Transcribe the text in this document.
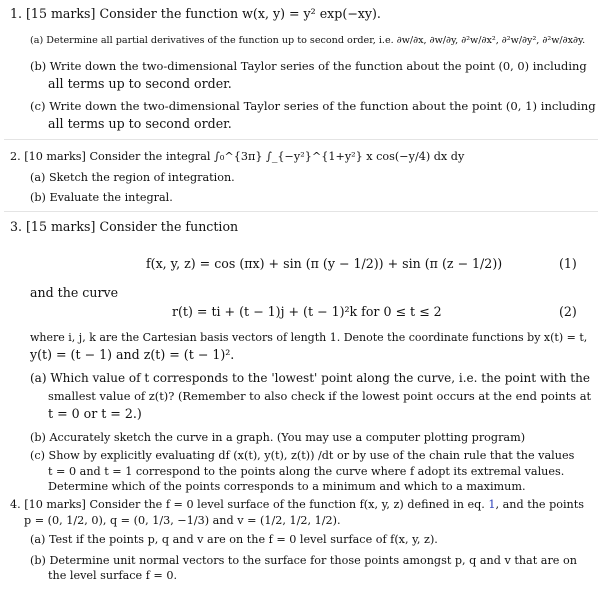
1. [15 marks] Consider the function w(x, y) = y² exp(−xy).
(a) Determine all partial derivatives of the function up to second order, i.e. ∂w/∂x, ∂w/∂y, ∂²w/∂x², ∂²w/∂y², ∂²w/∂x∂y.
(b) Write down the two-dimensional Taylor series of the function about the point (0, 0) including
all terms up to second order.
(c) Write down the two-dimensional Taylor series of the function about the point (0, 1) including
all terms up to second order.
2. [10 marks] Consider the integral ∫₀^{3π} ∫_{−y²}^{1+y²} x cos(−y/4) dx dy
(a) Sketch the region of integration.
(b) Evaluate the integral.
3. [15 marks] Consider the function
f(x, y, z) = cos (πx) + sin (π (y − 1/2)) + sin (π (z − 1/2))	(1)
and the curve
r(t) = ti + (t − 1)j + (t − 1)²k for 0 ≤ t ≤ 2	(2)
where i, j, k are the Cartesian basis vectors of length 1. Denote the coordinate functions by x(t) = t,
y(t) = (t − 1) and z(t) = (t − 1)².
(a) Which value of t corresponds to the 'lowest' point along the curve, i.e. the point with the
smallest value of z(t)? (Remember to also check if the lowest point occurs at the end points at
t = 0 or t = 2.)
(b) Accurately sketch the curve in a graph. (You may use a computer plotting program)
(c) Show by explicitly evaluating df (x(t), y(t), z(t)) /dt or by use of the chain rule that the values
t = 0 and t = 1 correspond to the points along the curve where f adopt its extremal values.
Determine which of the points corresponds to a minimum and which to a maximum.
4. [10 marks] Consider the f = 0 level surface of the function f(x, y, z) defined in eq. 1, and the points
p = (0, 1/2, 0), q = (0, 1/3, −1/3) and v = (1/2, 1/2, 1/2).
(a) Test if the points p, q and v are on the f = 0 level surface of f(x, y, z).
(b) Determine unit normal vectors to the surface for those points amongst p, q and v that are on
the level surface f = 0.
